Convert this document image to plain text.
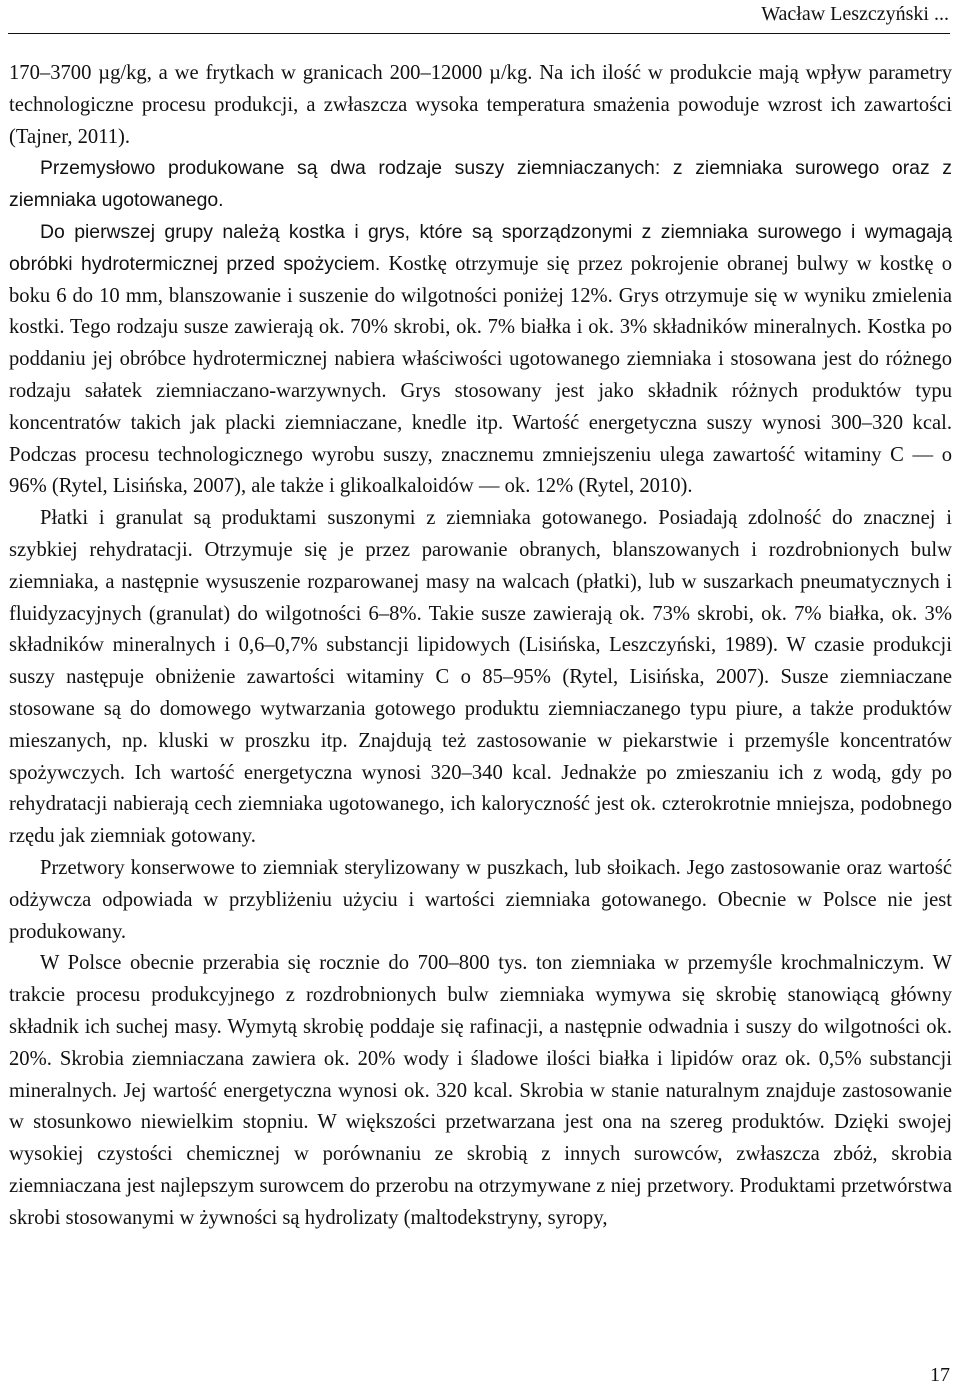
Wacław Leszczyński ...

170–3700 µg/kg, a we frytkach w granicach 200–12000 µ/kg. Na ich ilość w produkcie mają wpływ parametry technologiczne procesu produkcji, a zwłaszcza wysoka temperatura smażenia powoduje wzrost ich zawartości (Tajner, 2011).

Przemysłowo produkowane są dwa rodzaje suszy ziemniaczanych: z ziemniaka surowego oraz z ziemniaka ugotowanego.

Do pierwszej grupy należą kostka i grys, które są sporządzonymi z ziemniaka surowego i wymagają obróbki hydrotermicznej przed spożyciem. Kostkę otrzymuje się przez pokrojenie obranej bulwy w kostkę o boku 6 do 10 mm, blanszowanie i suszenie do wilgotności poniżej 12%. Grys otrzymuje się w wyniku zmielenia kostki. Tego rodzaju susze zawierają ok. 70% skrobi, ok. 7% białka i ok. 3% składników mineralnych. Kostka po poddaniu jej obróbce hydrotermicznej nabiera właściwości ugotowanego ziemniaka i stosowana jest do różnego rodzaju sałatek ziemniaczano-warzywnych. Grys stosowany jest jako składnik różnych produktów typu koncentratów takich jak placki ziemniaczane, knedle itp. Wartość energetyczna suszy wynosi 300–320 kcal. Podczas procesu technologicznego wyrobu suszy, znacznemu zmniejszeniu ulega zawartość witaminy C — o 96% (Rytel, Lisińska, 2007), ale także i glikoalkaloidów — ok. 12% (Rytel, 2010).

Płatki i granulat są produktami suszonymi z ziemniaka gotowanego. Posiadają zdolność do znacznej i szybkiej rehydratacji. Otrzymuje się je przez parowanie obranych, blanszowanych i rozdrobnionych bulw ziemniaka, a następnie wysuszenie rozparowanej masy na walcach (płatki), lub w suszarkach pneumatycznych i fluidyzacyjnych (granulat) do wilgotności 6–8%. Takie susze zawierają ok. 73% skrobi, ok. 7% białka, ok. 3% składników mineralnych i 0,6–0,7% substancji lipidowych (Lisińska, Leszczyński, 1989). W czasie produkcji suszy następuje obniżenie zawartości witaminy C o 85–95% (Rytel, Lisińska, 2007). Susze ziemniaczane stosowane są do domowego wytwarzania gotowego produktu ziemniaczanego typu piure, a także produktów mieszanych, np. kluski w proszku itp. Znajdują też zastosowanie w piekarstwie i przemyśle koncentratów spożywczych. Ich wartość energetyczna wynosi 320–340 kcal. Jednakże po zmieszaniu ich z wodą, gdy po rehydratacji nabierają cech ziemniaka ugotowanego, ich kaloryczność jest ok. czterokrotnie mniejsza, podobnego rzędu jak ziemniak gotowany.

Przetwory konserwowe to ziemniak sterylizowany w puszkach, lub słoikach. Jego zastosowanie oraz wartość odżywcza odpowiada w przybliżeniu użyciu i wartości ziemniaka gotowanego. Obecnie w Polsce nie jest produkowany.

W Polsce obecnie przerabia się rocznie do 700–800 tys. ton ziemniaka w przemyśle krochmalniczym. W trakcie procesu produkcyjnego z rozdrobnionych bulw ziemniaka wymywa się skrobię stanowiącą główny składnik ich suchej masy. Wymytą skrobię poddaje się rafinacji, a następnie odwadnia i suszy do wilgotności ok. 20%. Skrobia ziemniaczana zawiera ok. 20% wody i śladowe ilości białka i lipidów oraz ok. 0,5% substancji mineralnych. Jej wartość energetyczna wynosi ok. 320 kcal. Skrobia w stanie naturalnym znajduje zastosowanie w stosunkowo niewielkim stopniu. W większości przetwarzana jest ona na szereg produktów. Dzięki swojej wysokiej czystości chemicznej w porównaniu ze skrobią z innych surowców, zwłaszcza zbóż, skrobia ziemniaczana jest najlepszym surowcem do przerobu na otrzymywane z niej przetwory. Produktami przetwórstwa skrobi stosowanymi w żywności są hydrolizaty (maltodekstryny, syropy,

17
